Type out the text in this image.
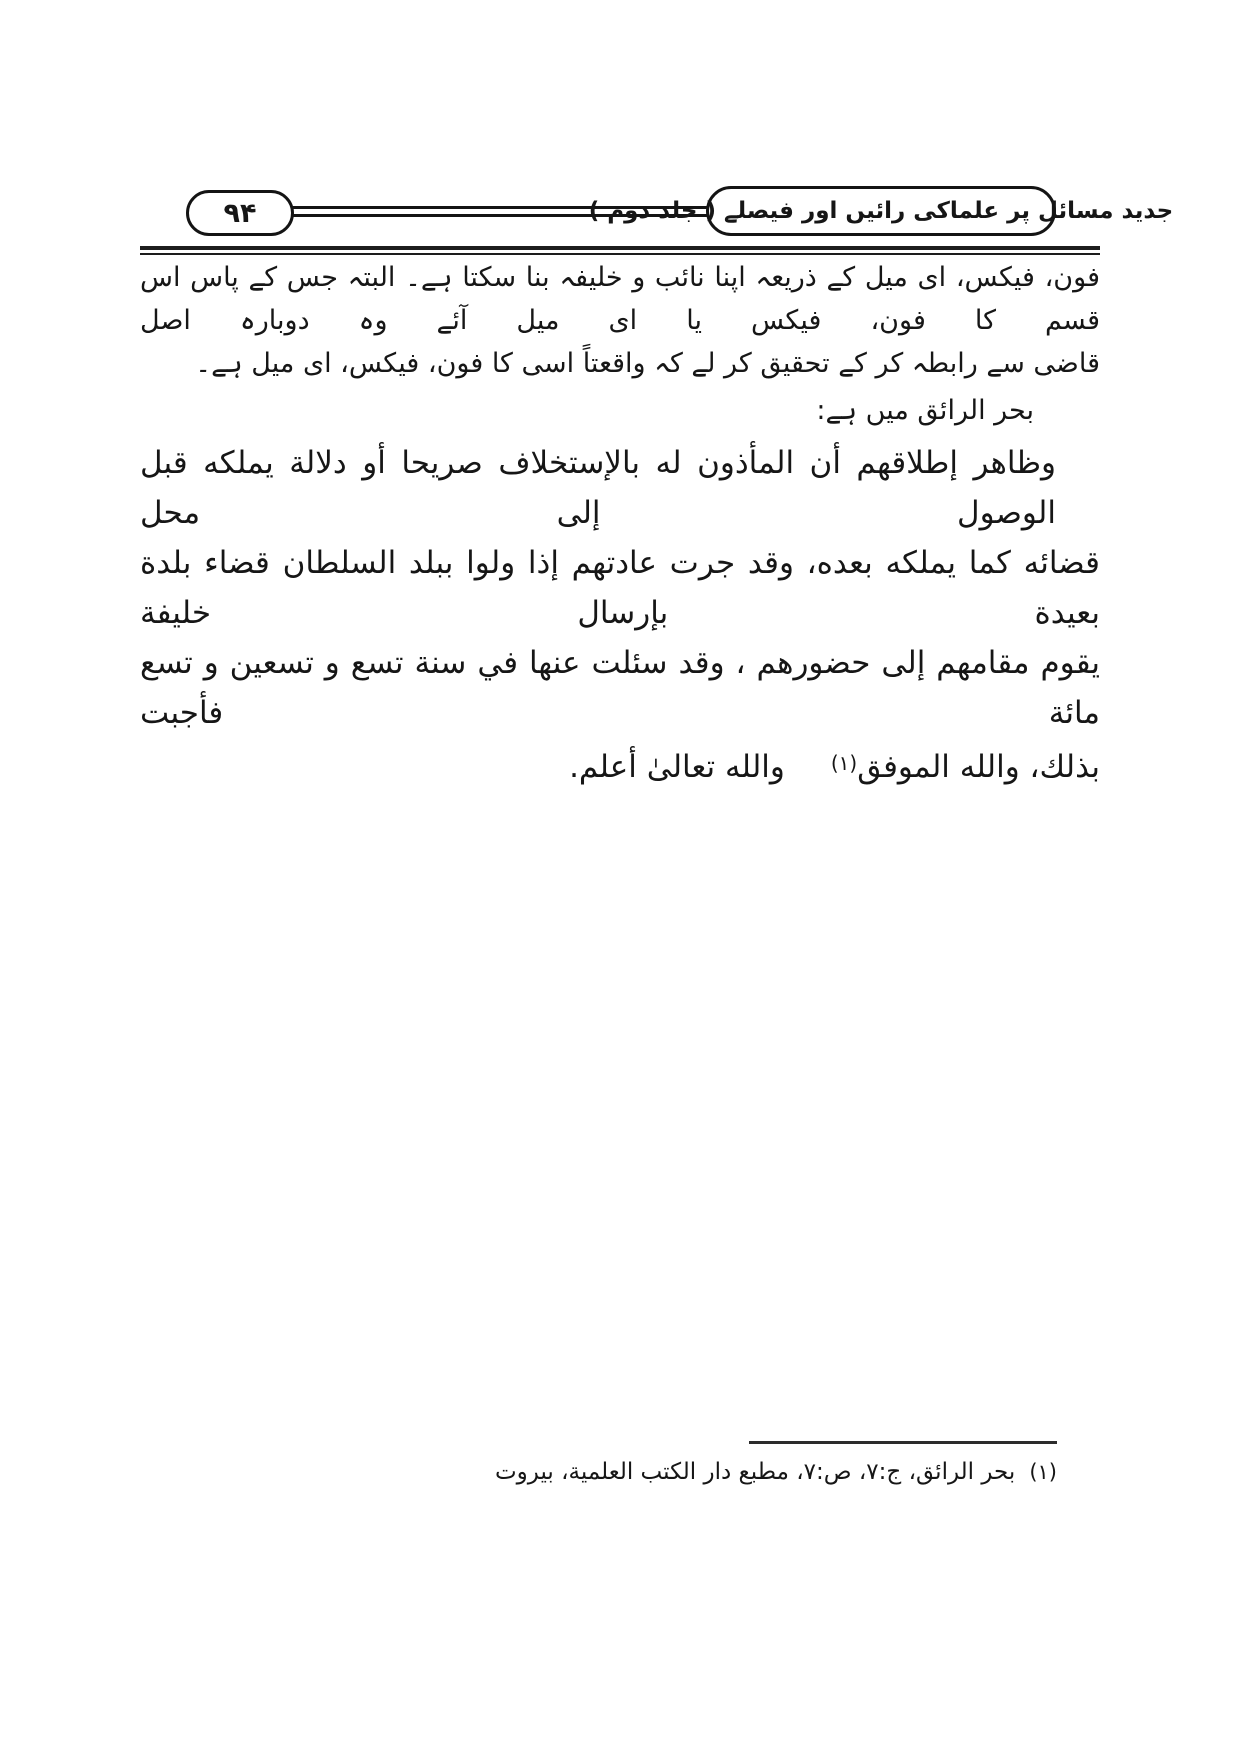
۹۴	جدید مسائل پر علماکی رائیں اور فیصلے ( جلد دوم )
فون، فیکس، ای میل کے ذریعہ اپنا نائب و خلیفہ بنا سکتا ہے۔ البتہ جس کے پاس اس قسم کا فون، فیکس یا ای میل آئے وہ دوبارہ اصل
قاضی سے رابطہ کر کے تحقیق کر لے کہ واقعتاً اسی کا فون، فیکس، ای میل ہے۔
بحر الرائق میں ہے:
وظاهر إطلاقهم أن المأذون له بالإستخلاف صريحا أو دلالة يملكه قبل الوصول إلى محل
قضائه كما يملكه بعده، وقد جرت عادتهم إذا ولوا ببلد السلطان قضاء بلدة بعيدة بإرسال خليفة
يقوم مقامهم إلى حضورهم ، وقد سئلت عنها في سنة تسع و تسعين و تسع مائة فأجبت
بذلك، والله الموفق$^{(١)}$والله تعالىٰ أعلم.
(١)بحر الرائق، ج:٧، ص:٧، مطبع دار الكتب العلمية، بيروت
